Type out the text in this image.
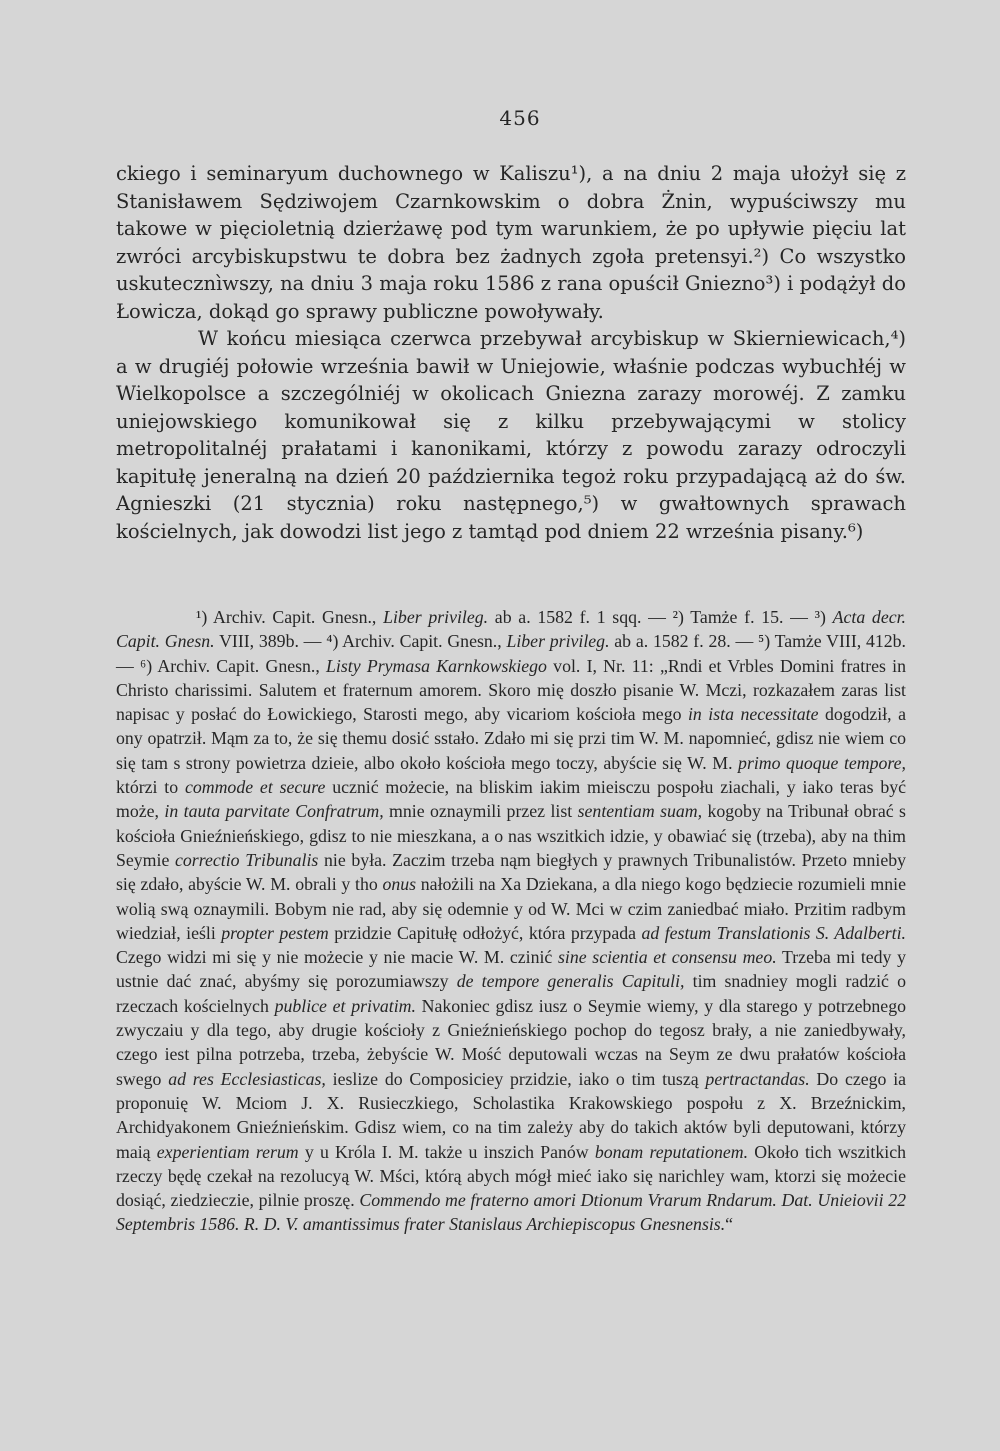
456

ckiego i seminaryum duchownego w Kaliszu¹), a na dniu 2 maja ułożył się z Stanisławem Sędziwojem Czarnkowskim o dobra Żnin, wypuściwszy mu takowe w pięcioletnią dzierżawę pod tym warunkiem, że po upływie pięciu lat zwróci arcybiskupstwu te dobra bez żadnych zgoła pretensyi.²) Co wszystko uskutecznìwszy, na dniu 3 maja roku 1586 z rana opuścił Gniezno³) i podążył do Łowicza, dokąd go sprawy publiczne powoływały.

W końcu miesiąca czerwca przebywał arcybiskup w Skierniewicach,⁴) a w drugiéj połowie września bawił w Uniejowie, właśnie podczas wybuchłéj w Wielkopolsce a szczególniéj w okolicach Gniezna zarazy morowéj. Z zamku uniejowskiego komunikował się z kilku przebywającymi w stolicy metropolitalnéj prałatami i kanonikami, którzy z powodu zarazy odroczyli kapitułę jeneralną na dzień 20 października tegoż roku przypadającą aż do św. Agnieszki (21 stycznia) roku następnego,⁵) w gwałtownych sprawach kościelnych, jak dowodzi list jego z tamtąd pod dniem 22 września pisany.⁶)

¹) Archiv. Capit. Gnesn., Liber privileg. ab a. 1582 f. 1 sqq. — ²) Tamże f. 15. — ³) Acta decr. Capit. Gnesn. VIII, 389b. — ⁴) Archiv. Capit. Gnesn., Liber privileg. ab a. 1582 f. 28. — ⁵) Tamże VIII, 412b. — ⁶) Archiv. Capit. Gnesn., Listy Prymasa Karnkowskiego vol. I, Nr. 11: „Rndi et Vrbles Domini fratres in Christo charissimi. Salutem et fraternum amorem. Skoro mię doszło pisanie W. Mczi, rozkazałem zaras list napisac y posłać do Łowickiego, Starosti mego, aby vicariom kościoła mego in ista necessitate dogodził, a ony opatrził. Mąm za to, że się themu dosić sstało. Zdało mi się przi tim W. M. napomnieć, gdisz nie wiem co się tam s strony powietrza dzieie, albo około kościoła mego toczy, abyście się W. M. primo quoque tempore, którzi to commode et secure ucznić możecie, na bliskim iakim mieisczu pospołu ziachali, y iako teras być może, in tauta parvitate Confratrum, mnie oznaymili przez list sententiam suam, kogoby na Tribunał obrać s kościoła Gnieźnieńskiego, gdisz to nie mieszkana, a o nas wszitkich idzie, y obawiać się (trzeba), aby na thim Seymie correctio Tribunalis nie była. Zaczim trzeba nąm biegłych y prawnych Tribunalistów. Przeto mnieby się zdało, abyście W. M. obrali y tho onus nałożili na Xa Dziekana, a dla niego kogo będziecie rozumieli mnie wolią swą oznaymili. Bobym nie rad, aby się odemnie y od W. Mci w czim zaniedbać miało. Przitim radbym wiedział, ieśli propter pestem przidzie Capitułę odłożyć, która przypada ad festum Translationis S. Adalberti. Czego widzi mi się y nie możecie y nie macie W. M. czinić sine scientia et consensu meo. Trzeba mi tedy y ustnie dać znać, abyśmy się porozumiawszy de tempore generalis Capituli, tim snadniey mogli radzić o rzeczach kościelnych publice et privatim. Nakoniec gdisz iusz o Seymie wiemy, y dla starego y potrzebnego zwyczaiu y dla tego, aby drugie kościoły z Gnieźnieńskiego pochop do tegosz brały, a nie zaniedbywały, czego iest pilna potrzeba, trzeba, żebyście W. Mość deputowali wczas na Seym ze dwu prałatów kościoła swego ad res Ecclesiasticas, ieslize do Composiciey przidzie, iako o tim tuszą pertractandas. Do czego ia proponuię W. Mciom J. X. Rusieczkiego, Scholastika Krakowskiego pospołu z X. Brzeźnickim, Archidyakonem Gnieźnieńskim. Gdisz wiem, co na tim zależy aby do takich aktów byli deputowani, którzy maią experientiam rerum y u Króla I. M. także u inszich Panów bonam reputationem. Około tich wszitkich rzeczy będę czekał na rezolucyą W. Mści, którą abych mógł mieć iako się narichley wam, ktorzi się możecie dosiąć, ziedzieczie, pilnie proszę. Commendo me fraterno amori Dtionum Vrarum Rndarum. Dat. Unieiovii 22 Septembris 1586. R. D. V. amantissimus frater Stanislaus Archiepiscopus Gnesnensis.“
